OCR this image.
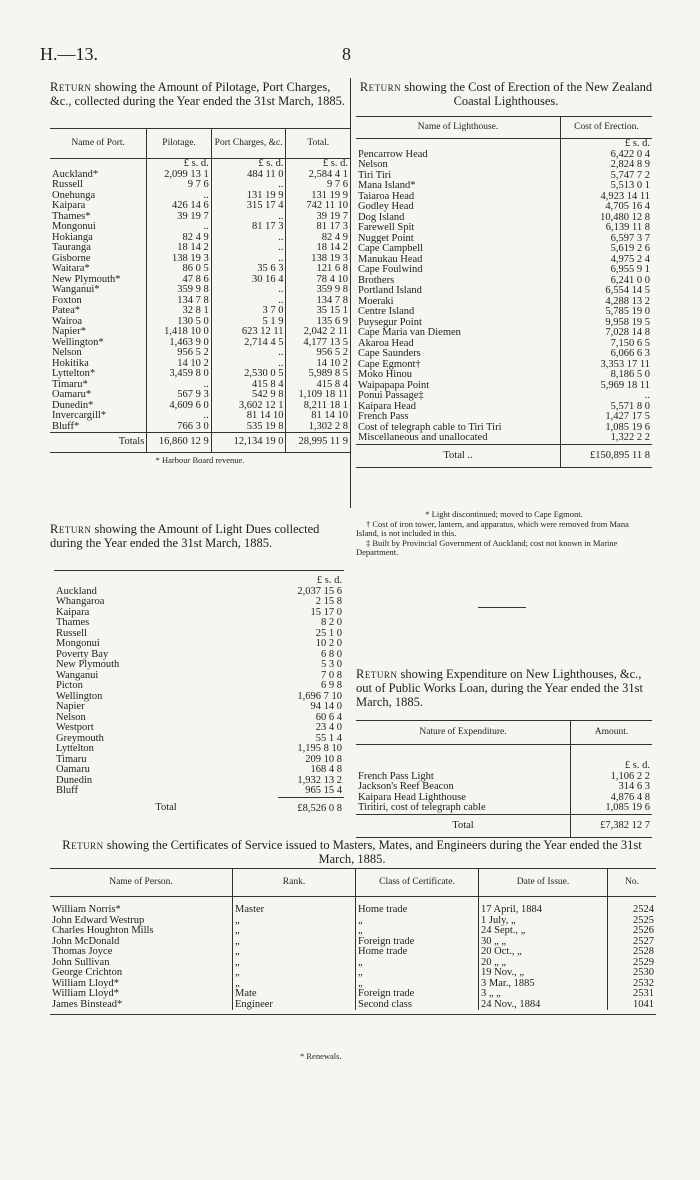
H.—13.	8
Return showing the Amount of Pilotage, Port Charges, &c., collected during the Year ended the 31st March, 1885.
Name of Port.	Pilotage.	Port Charges, &c.	Total.
	£ s. d.	£ s. d.	£ s. d.
Auckland*	2,099 13 1	484 11 0	2,584 4 1
Russell	9 7 6	..	9 7 6
Onehunga	..	131 19 9	131 19 9
Kaipara	426 14 6	315 17 4	742 11 10
Thames*	39 19 7	..	39 19 7
Mongonui	..	81 17 3	81 17 3
Hokianga	82 4 9	..	82 4 9
Tauranga	18 14 2	..	18 14 2
Gisborne	138 19 3	..	138 19 3
Waitara*	86 0 5	35 6 3	121 6 8
New Plymouth*	47 8 6	30 16 4	78 4 10
Wanganui*	359 9 8	..	359 9 8
Foxton	134 7 8	..	134 7 8
Patea*	32 8 1	3 7 0	35 15 1
Wairoa	130 5 0	5 1 9	135 6 9
Napier*	1,418 10 0	623 12 11	2,042 2 11
Wellington*	1,463 9 0	2,714 4 5	4,177 13 5
Nelson	956 5 2	..	956 5 2
Hokitika	14 10 2	..	14 10 2
Lyttelton*	3,459 8 0	2,530 0 5	5,989 8 5
Timaru*	..	415 8 4	415 8 4
Oamaru*	567 9 3	542 9 8	1,109 18 11
Dunedin*	4,609 6 0	3,602 12 1	8,211 18 1
Invercargill*	..	81 14 10	81 14 10
Bluff*	766 3 0	535 19 8	1,302 2 8
Totals	16,860 12 9	12,134 19 0	28,995 11 9
* Harbour Board revenue.			
Return showing the Cost of Erection of the New Zealand Coastal Lighthouses.
Name of Lighthouse.	Cost of Erection.
	£ s. d.
Pencarrow Head	6,422 0 4
Nelson	2,824 8 9
Tiri Tiri	5,747 7 2
Mana Island*	5,513 0 1
Taiaroa Head	4,923 14 11
Godley Head	4,705 16 4
Dog Island	10,480 12 8
Farewell Spit	6,139 11 8
Nugget Point	6,597 3 7
Cape Campbell	5,619 2 6
Manukau Head	4,975 2 4
Cape Foulwind	6,955 9 1
Brothers	6,241 0 0
Portland Island	6,554 14 5
Moeraki	4,288 13 2
Centre Island	5,785 19 0
Puysegur Point	9,958 19 5
Cape Maria van Diemen	7,028 14 8
Akaroa Head	7,150 6 5
Cape Saunders	6,066 6 3
Cape Egmont†	3,353 17 11
Moko Hinou	8,186 5 0
Waipapapa Point	5,969 18 11
Ponui Passage‡	..
Kaipara Head	5,571 8 0
French Pass	1,427 17 5
Cost of telegraph cable to Tiri Tiri	1,085 19 6
Miscellaneous and unallocated	1,322 2 2
Total ..	£150,895 11 8
* Light discontinued; moved to Cape Egmont.
† Cost of iron tower, lantern, and apparatus, which were removed from Mana Island, is not included in this.
‡ Built by Provincial Government of Auckland; cost not known in Marine Department.
Return showing the Amount of Light Dues collected during the Year ended the 31st March, 1885.
	£ s. d.
Auckland	2,037 15 6
Whangaroa	2 15 8
Kaipara	15 17 0
Thames	8 2 0
Russell	25 1 0
Mongonui	10 2 0
Poverty Bay	6 8 0
New Plymouth	5 3 0
Wanganui	7 0 8
Picton	6 9 8
Wellington	1,696 7 10
Napier	94 14 0
Nelson	60 6 4
Westport	23 4 0
Greymouth	55 1 4
Lyttelton	1,195 8 10
Timaru	209 10 8
Oamaru	168 4 8
Dunedin	1,932 13 2
Bluff	965 15 4
Total	£8,526 0 8
Return showing Expenditure on New Lighthouses, &c., out of Public Works Loan, during the Year ended the 31st March, 1885.
Nature of Expenditure.	Amount.
	£ s. d.
French Pass Light	1,106 2 2
Jackson's Reef Beacon	314 6 3
Kaipara Head Lighthouse	4,876 4 8
Tiritiri, cost of telegraph cable	1,085 19 6
Total	£7,382 12 7
Return showing the Certificates of Service issued to Masters, Mates, and Engineers during the Year ended the 31st March, 1885.
Name of Person.	Rank.	Class of Certificate.	Date of Issue.	No.
William Norris*	Master	Home trade	17 April, 1884	2524
John Edward Westrup	„	„	1 July, „	2525
Charles Houghton Mills	„	„	24 Sept., „	2526
John McDonald	„	Foreign trade	30 „ „	2527
Thomas Joyce	„	Home trade	20 Oct., „	2528
John Sullivan	„	„	20 „ „	2529
George Crichton	„	„	19 Nov., „	2530
William Lloyd*	„	„	3 Mar., 1885	2532
William Lloyd*	Mate	Foreign trade	3 „ „	2531
James Binstead*	Engineer	Second class	24 Nov., 1884	1041

* Renewals.
